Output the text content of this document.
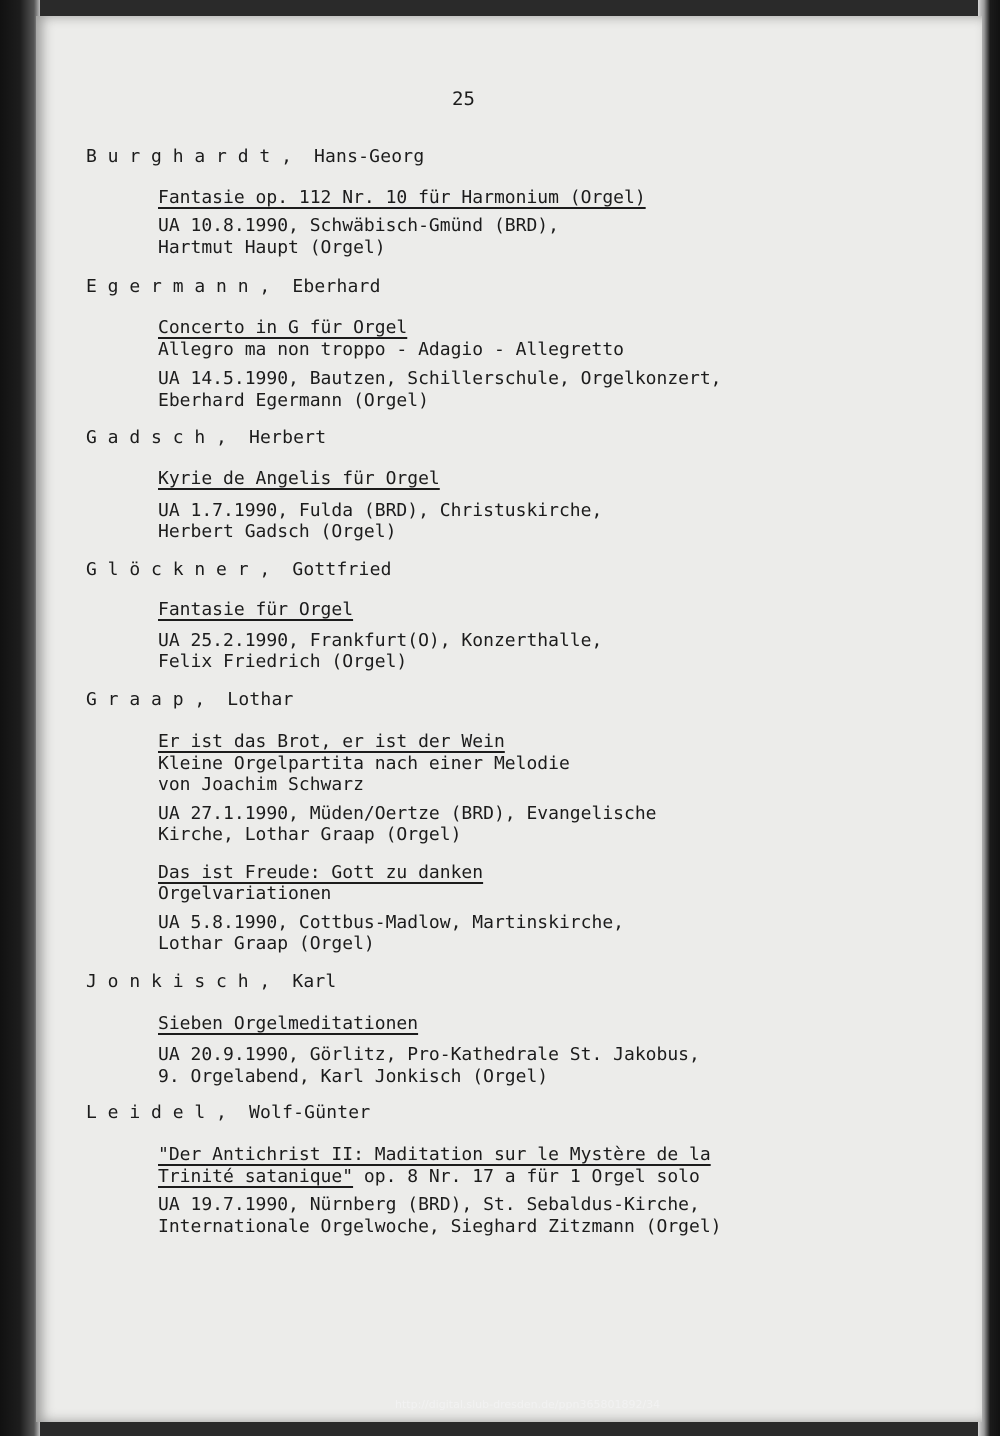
25
B u r g h a r d t , Hans-Georg
Fantasie op. 112 Nr. 10 für Harmonium (Orgel)
UA 10.8.1990, Schwäbisch-Gmünd (BRD),
Hartmut Haupt (Orgel)
E g e r m a n n , Eberhard
Concerto in G für Orgel
Allegro ma non troppo - Adagio - Allegretto
UA 14.5.1990, Bautzen, Schillerschule, Orgelkonzert,
Eberhard Egermann (Orgel)
G a d s c h , Herbert
Kyrie de Angelis für Orgel
UA 1.7.1990, Fulda (BRD), Christuskirche,
Herbert Gadsch (Orgel)
G l ö c k n e r , Gottfried
Fantasie für Orgel
UA 25.2.1990, Frankfurt(O), Konzerthalle,
Felix Friedrich (Orgel)
G r a a p , Lothar
Er ist das Brot, er ist der Wein
Kleine Orgelpartita nach einer Melodie
von Joachim Schwarz
UA 27.1.1990, Müden/Oertze (BRD), Evangelische
Kirche, Lothar Graap (Orgel)
Das ist Freude: Gott zu danken
Orgelvariationen
UA 5.8.1990, Cottbus-Madlow, Martinskirche,
Lothar Graap (Orgel)
J o n k i s c h , Karl
Sieben Orgelmeditationen
UA 20.9.1990, Görlitz, Pro-Kathedrale St. Jakobus,
9. Orgelabend, Karl Jonkisch (Orgel)
L e i d e l , Wolf-Günter
"Der Antichrist II: Maditation sur le Mystère de la
Trinité satanique" op. 8 Nr. 17 a für 1 Orgel solo
UA 19.7.1990, Nürnberg (BRD), St. Sebaldus-Kirche,
Internationale Orgelwoche, Sieghard Zitzmann (Orgel)
http://digital.slub-dresden.de/ppn365801892/34
